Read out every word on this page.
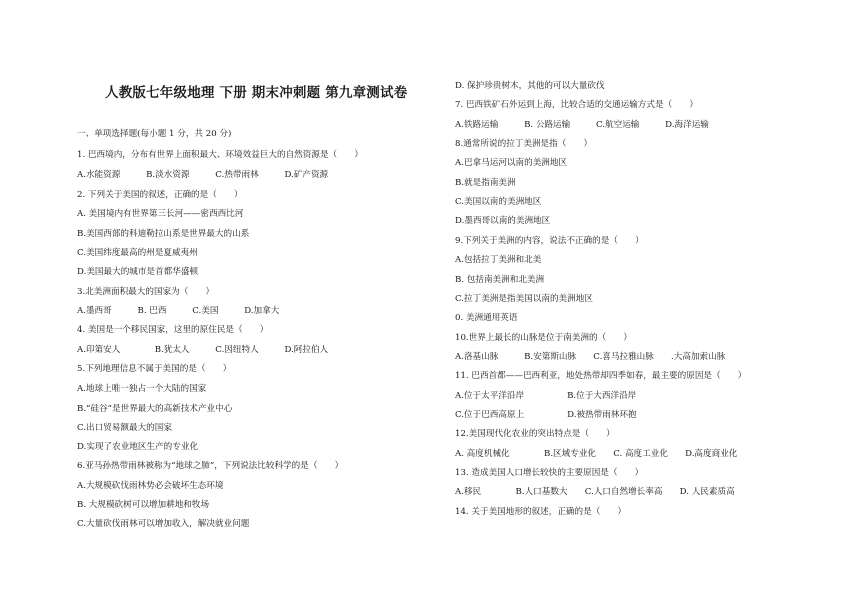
人教版七年级地理 下册 期末冲刺题 第九章测试卷
一、单项选择题(每小题 1 分，共 20 分)
1. 巴西境内，分布有世界上面积最大、环境效益巨大的自然资源是（　　）
A.水能资源　　　B.淡水资源　　　C.热带雨林　　　D.矿产资源
2. 下列关于美国的叙述，正确的是（　　）
A. 美国境内有世界第三长河——密西西比河
B.美国西部的科迪勒拉山系是世界最大的山系
C.美国纬度最高的州是夏威夷州
D.美国最大的城市是首都华盛顿
3.北美洲面积最大的国家为（　　）
A.墨西哥　　　B. 巴西　　　C.美国　　　D.加拿大
4. 美国是一个移民国家，这里的原住民是（　　）
A.印第安人　　　　B.犹太人　　　C.因纽特人　　　D.阿拉伯人
5.下列地理信息不属于美国的是（　　）
A.地球上唯一独占一个大陆的国家
B.“硅谷”是世界最大的高新技术产业中心
C.出口贸易额最大的国家
D.实现了农业地区生产的专业化
6.亚马孙热带雨林被称为“地球之肺”，下列说法比较科学的是（　　）
A.大规模砍伐雨林势必会破坏生态环境
B. 大规模砍树可以增加耕地和牧场
C.大量砍伐雨林可以增加收入，解决就业问题
D. 保护珍贵树木，其他的可以大量砍伐
7. 巴西铁矿石外运到上海，比较合适的交通运输方式是（　　）
A.铁路运输　　　B. 公路运输　　　C.航空运输　　　D.海洋运输
8.通常所说的拉丁美洲是指（　　）
A.巴拿马运河以南的美洲地区
B.就是指南美洲
C.美国以南的美洲地区
D.墨西哥以南的美洲地区
9.下列关于美洲的内容，说法不正确的是（　　）
A.包括拉丁美洲和北美
B. 包括南美洲和北美洲
C.拉丁美洲是指美国以南的美洲地区
0. 美洲通用英语
10.世界上最长的山脉是位于南美洲的（　　）
A.洛基山脉　　　B.安第斯山脉　　C.喜马拉雅山脉　　.大高加索山脉
11. 巴西首都——巴西利亚，地处热带却四季如春，最主要的原因是（　　）
A.位于太平洋沿岸　　　　　B.位于大西洋沿岸
C.位于巴西高原上　　　　　D.被热带雨林环抱
12.美国现代化农业的突出特点是（　　）
A. 高度机械化　　　　B.区域专业化　　C. 高度工业化　　D.高度商业化
13. 造成美国人口增长较快的主要原因是（　　）
A.移民　　　　B.人口基数大　　C.人口自然增长率高　　D. 人民素质高
14. 关于美国地形的叙述，正确的是（　　）
